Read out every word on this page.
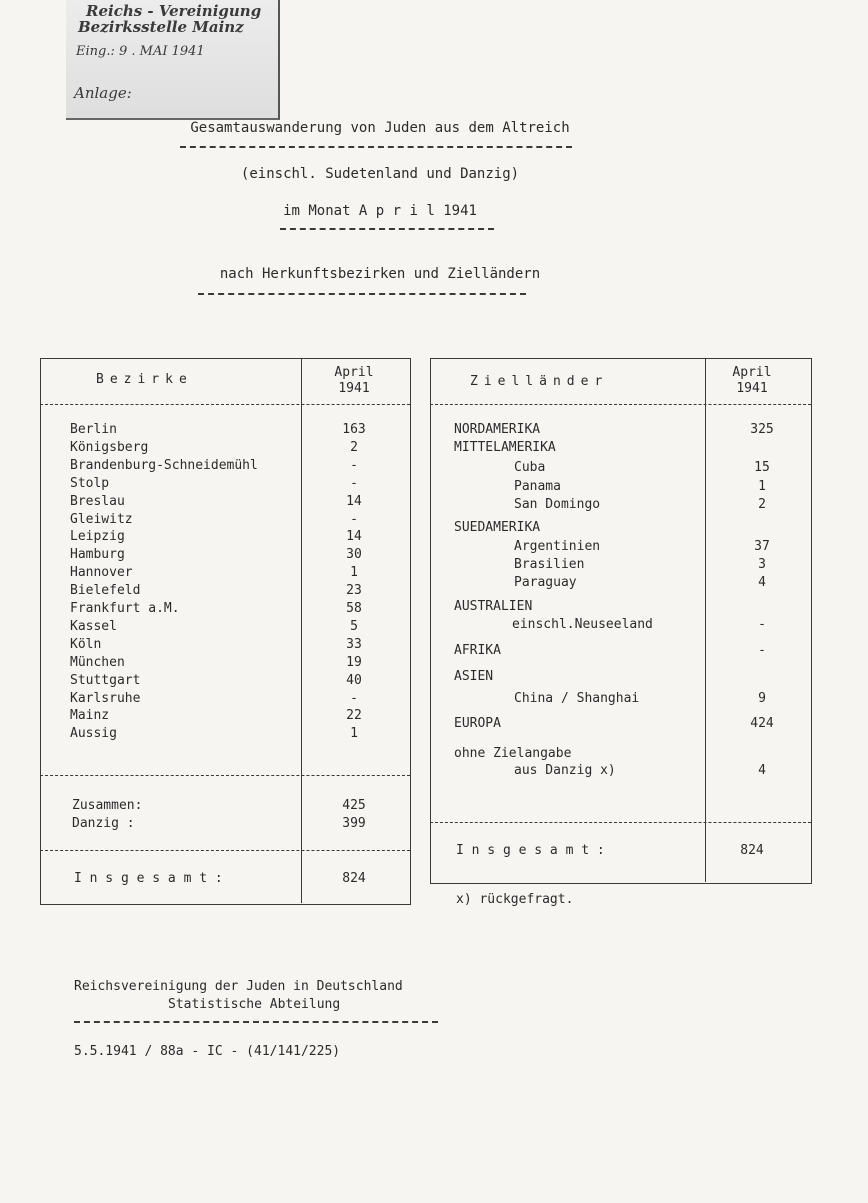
Reichs - Vereinigung
Bezirksstelle Mainz
Eing.: 9 . MAI 1941
Anlage:
Gesamtauswanderung von Juden aus dem Altreich
(einschl. Sudetenland und Danzig)
im Monat A p r i l 1941
nach Herkunftsbezirken und Zielländern
Bezirke	April
1941
Berlin	163
Königsberg	2
Brandenburg-Schneidemühl	-
Stolp	-
Breslau	14
Gleiwitz	-
Leipzig	14
Hamburg	30
Hannover	1
Bielefeld	23
Frankfurt a.M.	58
Kassel	5
Köln	33
München	19
Stuttgart	40
Karlsruhe	-
Mainz	22
Aussig	1
Zusammen:	425
Danzig :	399
I n s g e s a m t :	824
Zielländer
April
1941
NORDAMERIKA	325
MITTELAMERIKA
Cuba	15
Panama	1
San Domingo	2
SUEDAMERIKA
Argentinien	37
Brasilien	3
Paraguay	4
AUSTRALIEN
einschl.Neuseeland	-
AFRIKA	-
ASIEN
China / Shanghai	9
EUROPA	424
ohne Zielangabe
aus Danzig x)	4
I n s g e s a m t :	824
x) rückgefragt.
Reichsvereinigung der Juden in Deutschland
Statistische Abteilung
5.5.1941 / 88a - IC - (41/141/225)
